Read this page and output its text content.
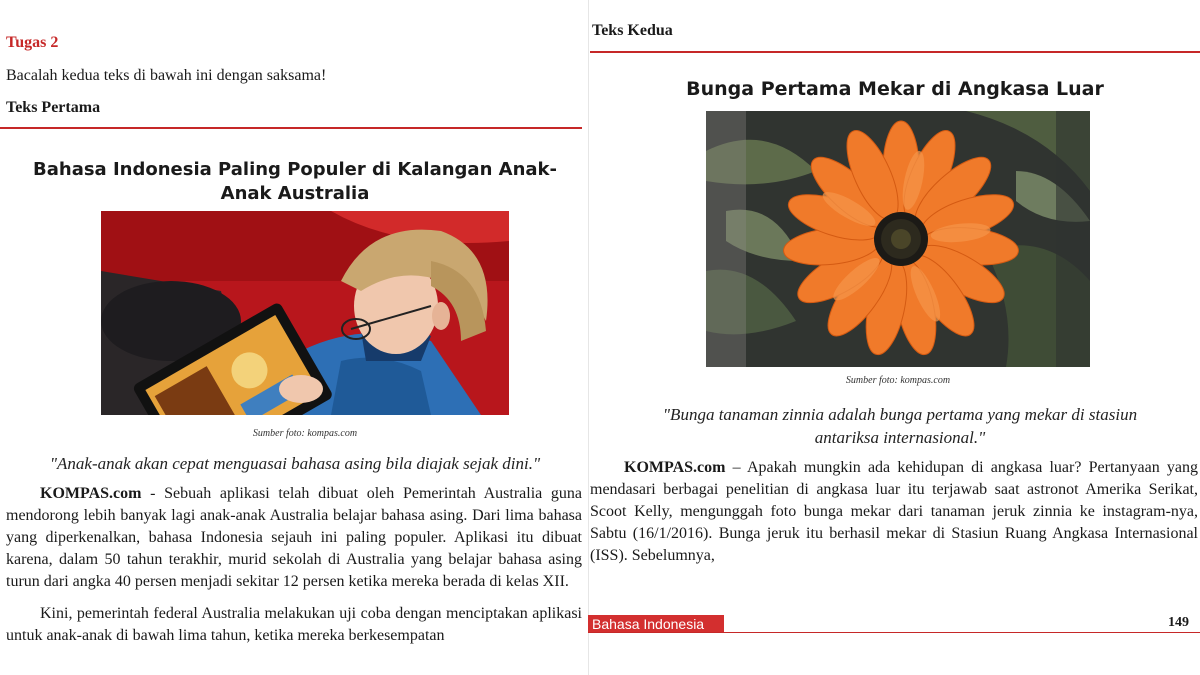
Tugas 2
Bacalah kedua teks di bawah ini dengan saksama!
Teks Pertama
Bahasa Indonesia Paling Populer di Kalangan Anak-Anak Australia
Sumber foto: kompas.com
"Anak-anak akan cepat menguasai bahasa asing bila diajak sejak dini."

KOMPAS.com - Sebuah aplikasi telah dibuat oleh Pemerintah Australia guna mendorong lebih banyak lagi anak-anak Australia belajar bahasa asing. Dari lima bahasa yang diperkenalkan, bahasa Indonesia sejauh ini paling populer. Aplikasi itu dibuat karena, dalam 50 tahun terakhir, murid sekolah di Australia yang belajar bahasa asing turun dari angka 40 persen menjadi sekitar 12 persen ketika mereka berada di kelas XII.

Kini, pemerintah federal Australia melakukan uji coba dengan menciptakan aplikasi untuk anak-anak di bawah lima tahun, ketika mereka berkesempatan

Teks Kedua
Bunga Pertama Mekar di Angkasa Luar
Sumber foto: kompas.com
"Bunga tanaman zinnia adalah bunga pertama yang mekar di stasiun antariksa internasional."

KOMPAS.com – Apakah mungkin ada kehidupan di angkasa luar? Pertanyaan yang mendasari berbagai penelitian di angkasa luar itu terjawab saat astronot Amerika Serikat, Scoot Kelly, mengunggah foto bunga mekar dari tanaman jeruk zinnia ke instagram-nya, Sabtu (16/1/2016). Bunga jeruk itu berhasil mekar di Stasiun Ruang Angkasa Internasional (ISS). Sebelumnya,

Bahasa Indonesia	149
